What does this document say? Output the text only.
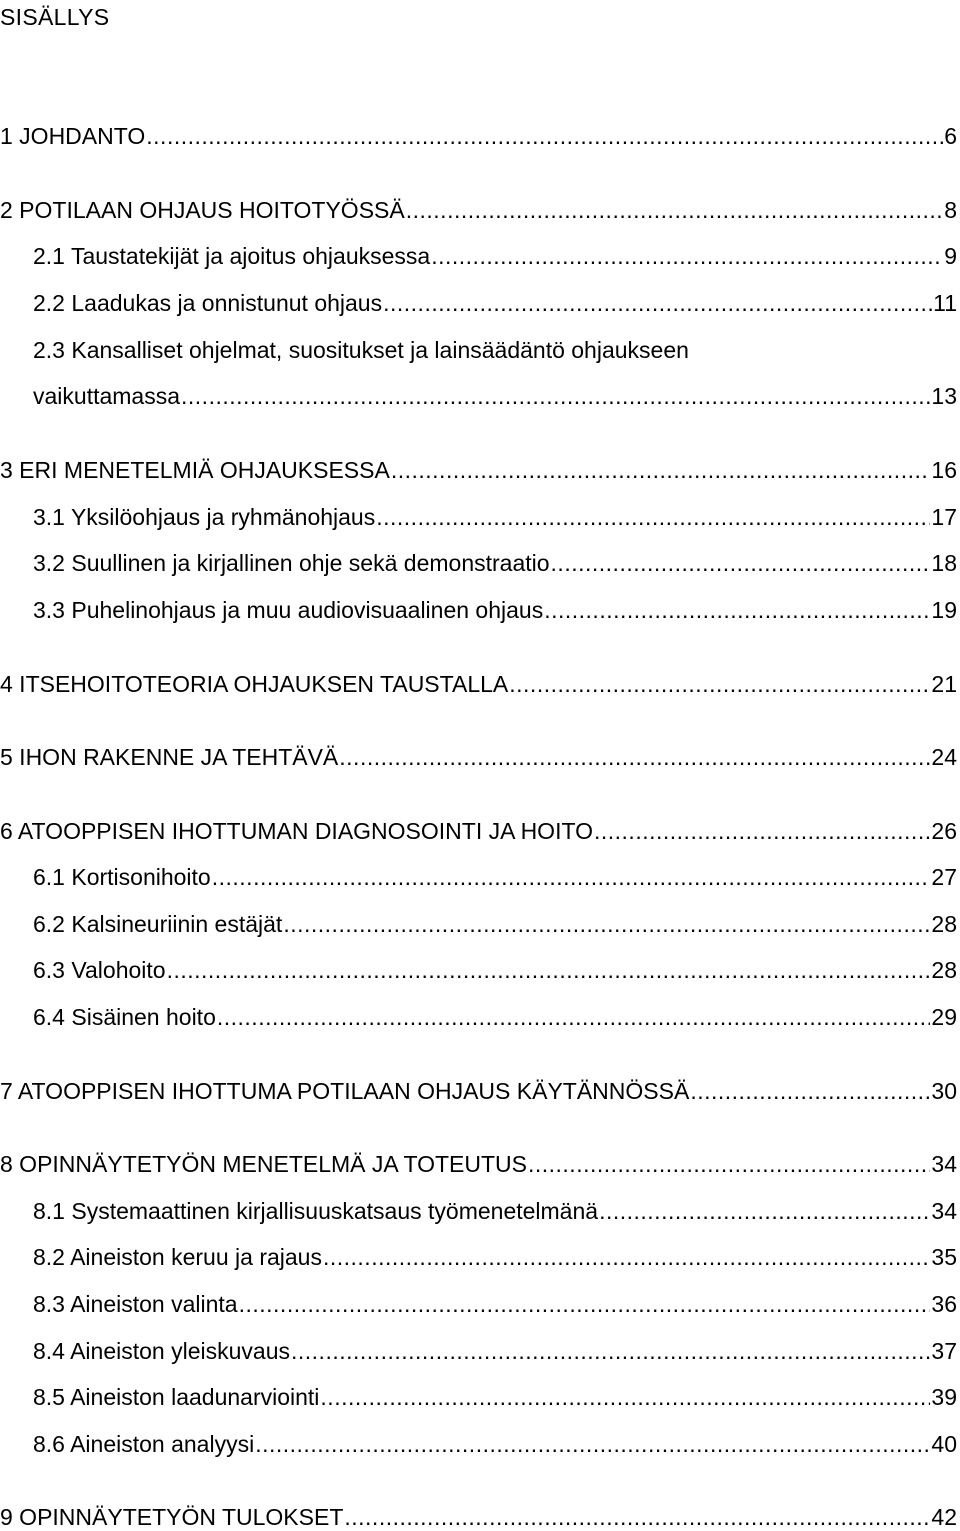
SISÄLLYS
1 JOHDANTO .....	6
2 POTILAAN OHJAUS HOITOTYÖSSÄ .....	8
2.1 Taustatekijät ja ajoitus ohjauksessa .....	9
2.2 Laadukas ja onnistunut ohjaus .....	11
2.3 Kansalliset ohjelmat, suositukset ja lainsäädäntö ohjaukseen
vaikuttamassa .....	13
3 ERI MENETELMIÄ OHJAUKSESSA .....	16
3.1 Yksilöohjaus ja ryhmänohjaus .....	17
3.2 Suullinen ja kirjallinen ohje sekä demonstraatio .....	18
3.3 Puhelinohjaus ja muu audiovisuaalinen ohjaus .....	19
4 ITSEHOITOTEORIA OHJAUKSEN TAUSTALLA .....	21
5 IHON RAKENNE JA TEHTÄVÄ .....	24
6 ATOOPPISEN IHOTTUMAN DIAGNOSOINTI JA HOITO .....	26
6.1 Kortisonihoito .....	27
6.2 Kalsineuriinin estäjät .....	28
6.3 Valohoito .....	28
6.4 Sisäinen hoito .....	29
7 ATOOPPISEN IHOTTUMA POTILAAN OHJAUS KÄYTÄNNÖSSÄ .....	30
8 OPINNÄYTETYÖN MENETELMÄ JA TOTEUTUS .....	34
8.1 Systemaattinen kirjallisuuskatsaus työmenetelmänä .....	34
8.2 Aineiston keruu ja rajaus .....	35
8.3 Aineiston valinta .....	36
8.4 Aineiston yleiskuvaus .....	37
8.5 Aineiston laadunarviointi .....	39
8.6 Aineiston analyysi .....	40
9 OPINNÄYTETYÖN TULOKSET .....	42
